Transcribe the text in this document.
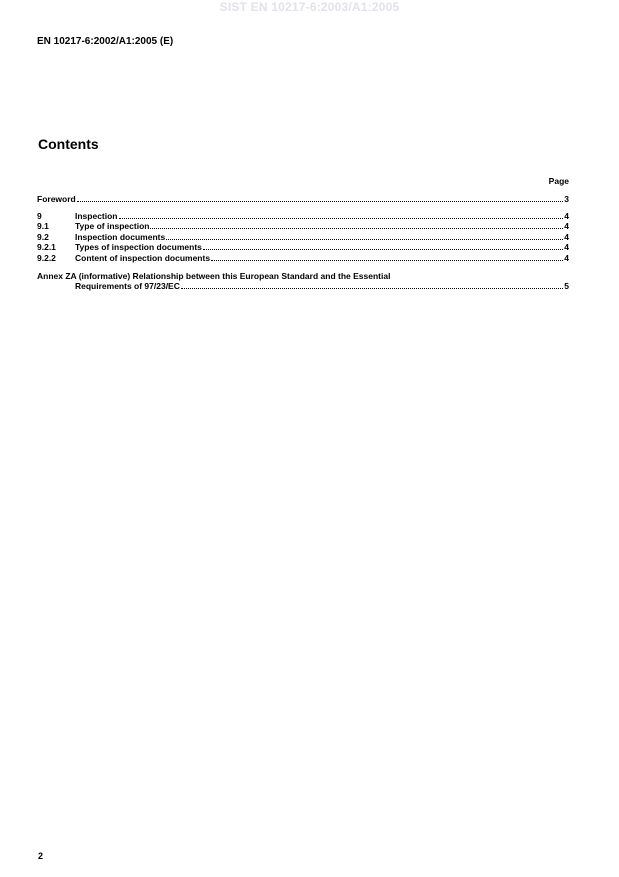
SIST EN 10217-6:2003/A1:2005
EN 10217-6:2002/A1:2005 (E)
Contents
Page
Foreword	3
9	Inspection	4
9.1	Type of inspection	4
9.2	Inspection documents	4
9.2.1	Types of inspection documents	4
9.2.2	Content of inspection documents	4
Annex ZA (informative) Relationship between this European Standard and the Essential
Requirements of 97/23/EC	5
2
